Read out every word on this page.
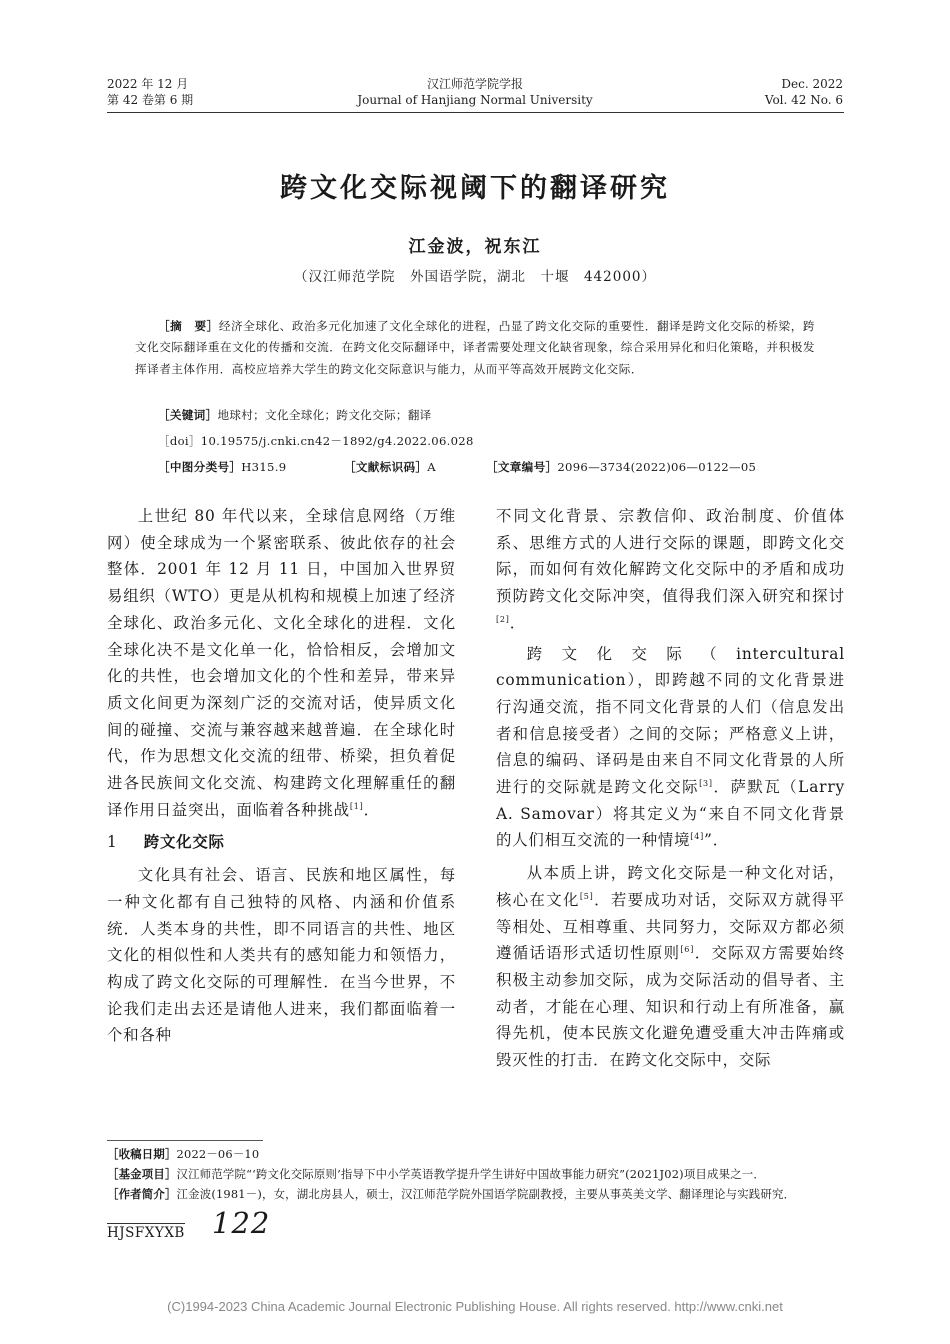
2022 年 12 月
第 42 卷第 6 期
汉江师范学院学报
Journal of Hanjiang Normal University
Dec. 2022
Vol. 42 No. 6
跨文化交际视阈下的翻译研究
江金波，祝东江
（汉江师范学院　外国语学院，湖北　十堰　442000）
［摘　要］经济全球化、政治多元化加速了文化全球化的进程，凸显了跨文化交际的重要性．翻译是跨文化交际的桥梁，跨文化交际翻译重在文化的传播和交流．在跨文化交际翻译中，译者需要处理文化缺省现象，综合采用异化和归化策略，并积极发挥译者主体作用．高校应培养大学生的跨文化交际意识与能力，从而平等高效开展跨文化交际．
［关键词］地球村；文化全球化；跨文化交际；翻译
［doi］10.19575/j.cnki.cn42－1892/g4.2022.06.028
［中图分类号］H315.9	［文献标识码］A	［文章编号］2096—3734(2022)06—0122—05

上世纪 80 年代以来，全球信息网络（万维网）使全球成为一个紧密联系、彼此依存的社会整体．2001 年 12 月 11 日，中国加入世界贸易组织（WTO）更是从机构和规模上加速了经济全球化、政治多元化、文化全球化的进程．文化全球化决不是文化单一化，恰恰相反，会增加文化的共性，也会增加文化的个性和差异，带来异质文化间更为深刻广泛的交流对话，使异质文化间的碰撞、交流与兼容越来越普遍．在全球化时代，作为思想文化交流的纽带、桥梁，担负着促进各民族间文化交流、构建跨文化理解重任的翻译作用日益突出，面临着各种挑战[1]．

1 跨文化交际

文化具有社会、语言、民族和地区属性，每一种文化都有自己独特的风格、内涵和价值系统．人类本身的共性，即不同语言的共性、地区文化的相似性和人类共有的感知能力和领悟力，构成了跨文化交际的可理解性．在当今世界，不论我们走出去还是请他人进来，我们都面临着一个和各种

不同文化背景、宗教信仰、政治制度、价值体系、思维方式的人进行交际的课题，即跨文化交际，而如何有效化解跨文化交际中的矛盾和成功预防跨文化交际冲突，值得我们深入研究和探讨[2]．

跨文化交际（intercultural communication），即跨越不同的文化背景进行沟通交流，指不同文化背景的人们（信息发出者和信息接受者）之间的交际；严格意义上讲，信息的编码、译码是由来自不同文化背景的人所进行的交际就是跨文化交际[3]．萨默瓦（Larry A. Samovar）将其定义为“来自不同文化背景的人们相互交流的一种情境[4]”．

从本质上讲，跨文化交际是一种文化对话，核心在文化[5]．若要成功对话，交际双方就得平等相处、互相尊重、共同努力，交际双方都必须遵循话语形式适切性原则[6]．交际双方需要始终积极主动参加交际，成为交际活动的倡导者、主动者，才能在心理、知识和行动上有所准备，赢得先机，使本民族文化避免遭受重大冲击阵痛或毁灭性的打击．在跨文化交际中，交际

［收稿日期］2022－06－10
［基金项目］汉江师范学院“‘跨文化交际原则’指导下中小学英语教学提升学生讲好中国故事能力研究”(2021J02)项目成果之一．
［作者简介］江金波(1981－)，女，湖北房县人，硕士，汉江师范学院外国语学院副教授，主要从事英美文学、翻译理论与实践研究．
HJSFXYXB 122
(C)1994-2023 China Academic Journal Electronic Publishing House. All rights reserved. http://www.cnki.net
